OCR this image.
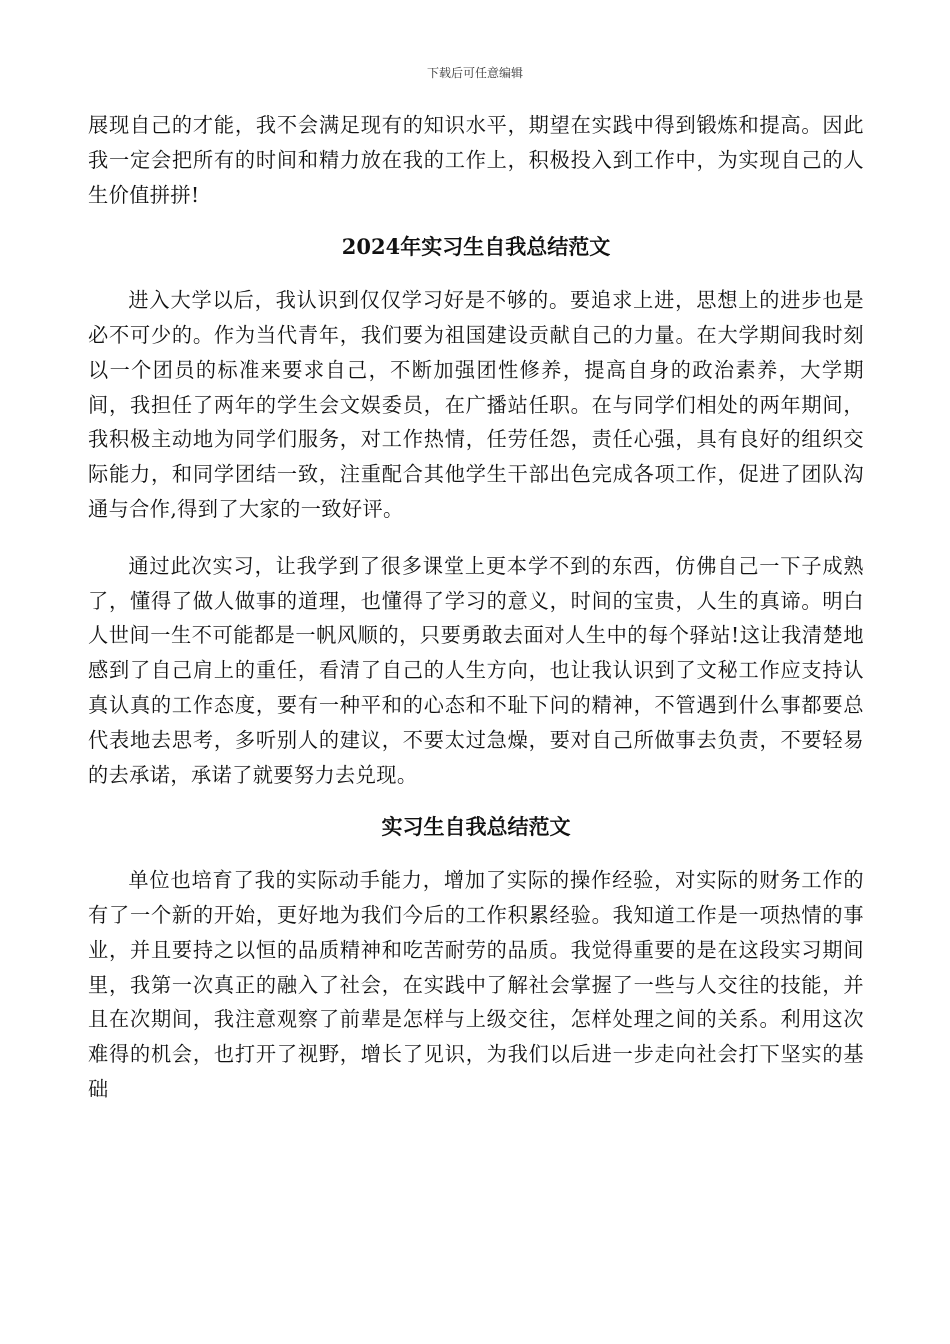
下载后可任意编辑

展现自己的才能，我不会满足现有的知识水平，期望在实践中得到锻炼和提高。因此我一定会把所有的时间和精力放在我的工作上，积极投入到工作中，为实现自己的人生价值拼拼!

2024年实习生自我总结范文

进入大学以后，我认识到仅仅学习好是不够的。要追求上进，思想上的进步也是必不可少的。作为当代青年，我们要为祖国建设贡献自己的力量。在大学期间我时刻以一个团员的标准来要求自己，不断加强团性修养，提高自身的政治素养，大学期间，我担任了两年的学生会文娱委员，在广播站任职。在与同学们相处的两年期间，我积极主动地为同学们服务，对工作热情，任劳任怨，责任心强，具有良好的组织交际能力，和同学团结一致，注重配合其他学生干部出色完成各项工作，促进了团队沟通与合作,得到了大家的一致好评。

通过此次实习，让我学到了很多课堂上更本学不到的东西，仿佛自己一下子成熟了，懂得了做人做事的道理，也懂得了学习的意义，时间的宝贵，人生的真谛。明白人世间一生不可能都是一帆风顺的，只要勇敢去面对人生中的每个驿站!这让我清楚地感到了自己肩上的重任，看清了自己的人生方向，也让我认识到了文秘工作应支持认真认真的工作态度，要有一种平和的心态和不耻下问的精神，不管遇到什么事都要总代表地去思考，多听别人的建议，不要太过急燥，要对自己所做事去负责，不要轻易的去承诺，承诺了就要努力去兑现。

实习生自我总结范文

单位也培育了我的实际动手能力，增加了实际的操作经验，对实际的财务工作的有了一个新的开始，更好地为我们今后的工作积累经验。我知道工作是一项热情的事业，并且要持之以恒的品质精神和吃苦耐劳的品质。我觉得重要的是在这段实习期间里，我第一次真正的融入了社会，在实践中了解社会掌握了一些与人交往的技能，并且在次期间，我注意观察了前辈是怎样与上级交往，怎样处理之间的关系。利用这次难得的机会，也打开了视野，增长了见识，为我们以后进一步走向社会打下坚实的基础
